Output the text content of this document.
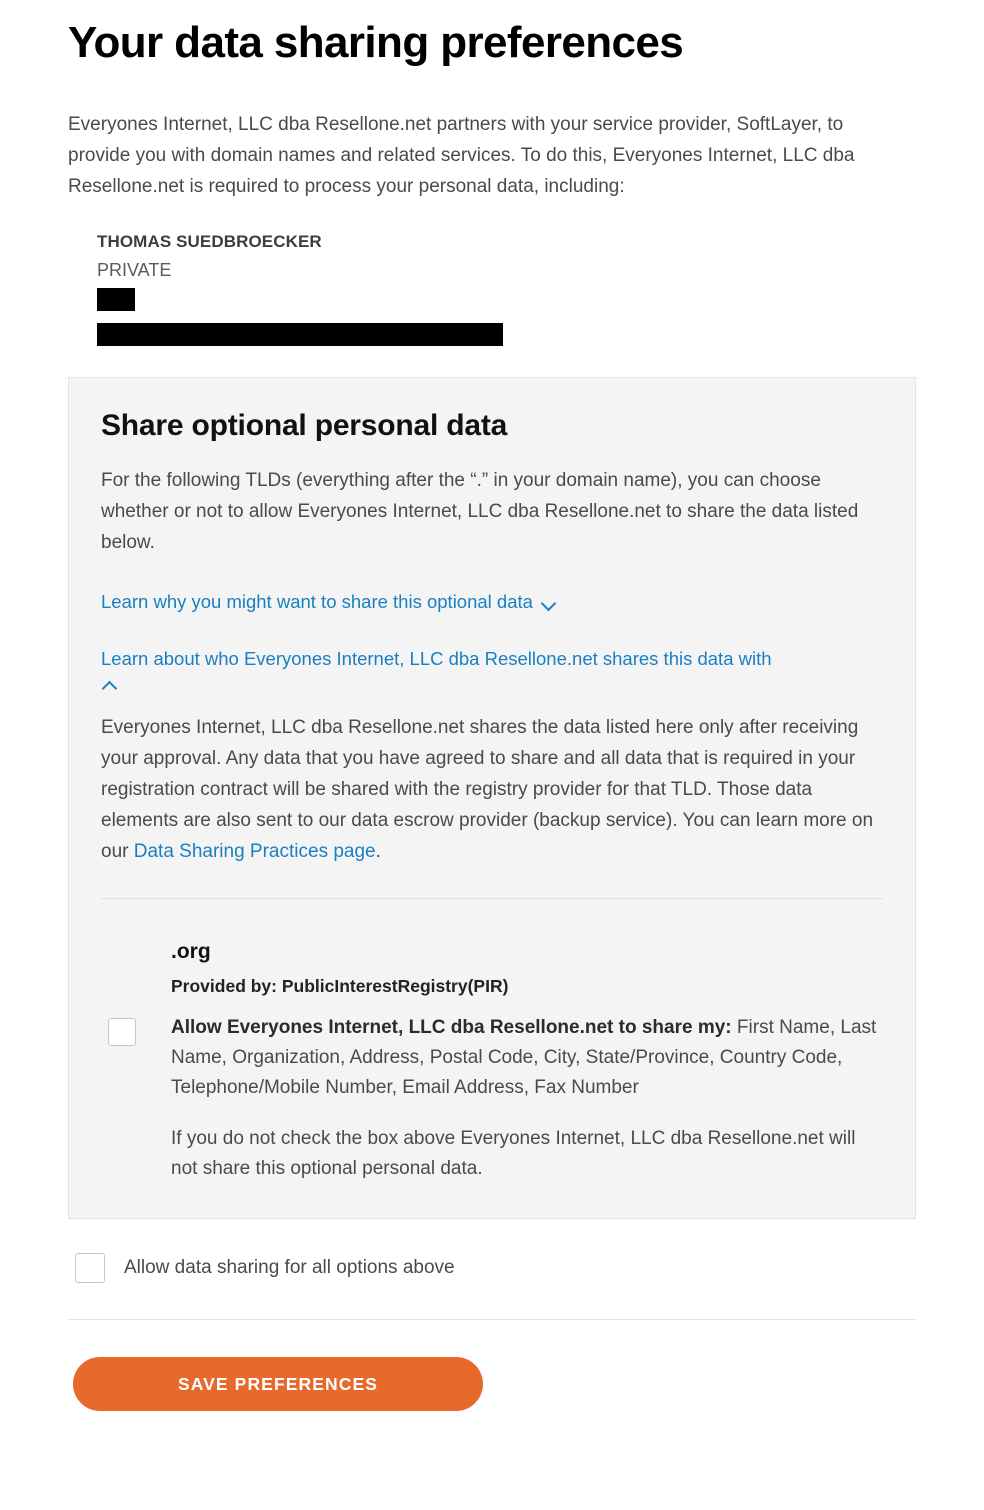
Your data sharing preferences

Everyones Internet, LLC dba Resellone.net partners with your service provider, SoftLayer, to provide you with domain names and related services. To do this, Everyones Internet, LLC dba Resellone.net is required to process your personal data, including:

THOMAS SUEDBROECKER
PRIVATE
Share optional personal data

For the following TLDs (everything after the “.” in your domain name), you can choose whether or not to allow Everyones Internet, LLC dba Resellone.net to share the data listed below.

Learn why you might want to share this optional data
Learn about who Everyones Internet, LLC dba Resellone.net shares this data with

Everyones Internet, LLC dba Resellone.net shares the data listed here only after receiving your approval. Any data that you have agreed to share and all data that is required in your registration contract will be shared with the registry provider for that TLD. Those data elements are also sent to our data escrow provider (backup service). You can learn more on our Data Sharing Practices page.

.org
Provided by: PublicInterestRegistry(PIR)
Allow Everyones Internet, LLC dba Resellone.net to share my: First Name, Last Name, Organization, Address, Postal Code, City, State/Province, Country Code, Telephone/Mobile Number, Email Address, Fax Number

If you do not check the box above Everyones Internet, LLC dba Resellone.net will not share this optional personal data.

Allow data sharing for all options above
SAVE PREFERENCES
